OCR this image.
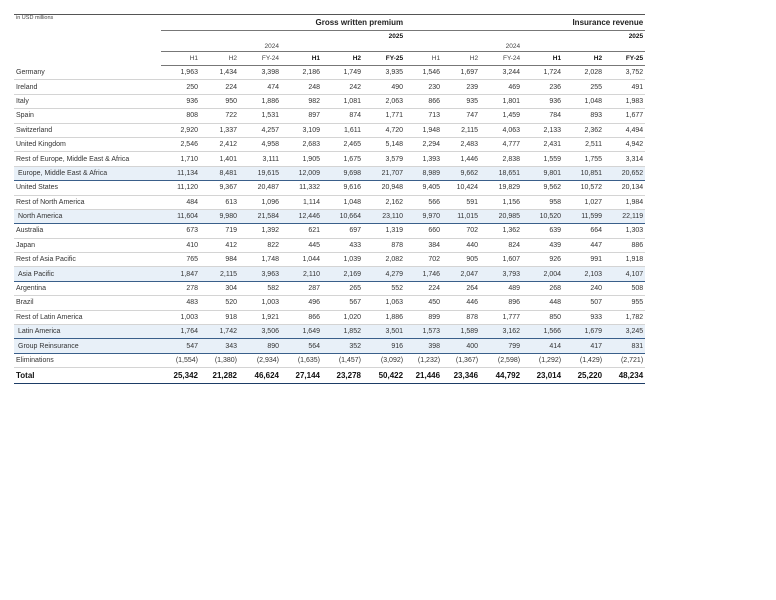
in USD millions	Gross written premium						Insurance revenue					
						2025						2025
			2024						2024			
	H1	H2	FY-24	H1	H2	FY-25	H1	H2	FY-24	H1	H2	FY-25
Germany	1,963	1,434	3,398	2,186	1,749	3,935	1,546	1,697	3,244	1,724	2,028	3,752
Ireland	250	224	474	248	242	490	230	239	469	236	255	491
Italy	936	950	1,886	982	1,081	2,063	866	935	1,801	936	1,048	1,983
Spain	808	722	1,531	897	874	1,771	713	747	1,459	784	893	1,677
Switzerland	2,920	1,337	4,257	3,109	1,611	4,720	1,948	2,115	4,063	2,133	2,362	4,494
United Kingdom	2,546	2,412	4,958	2,683	2,465	5,148	2,294	2,483	4,777	2,431	2,511	4,942
Rest of Europe, Middle East & Africa	1,710	1,401	3,111	1,905	1,675	3,579	1,393	1,446	2,838	1,559	1,755	3,314
Europe, Middle East & Africa	11,134	8,481	19,615	12,009	9,698	21,707	8,989	9,662	18,651	9,801	10,851	20,652
United States	11,120	9,367	20,487	11,332	9,616	20,948	9,405	10,424	19,829	9,562	10,572	20,134
Rest of North America	484	613	1,096	1,114	1,048	2,162	566	591	1,156	958	1,027	1,984
North America	11,604	9,980	21,584	12,446	10,664	23,110	9,970	11,015	20,985	10,520	11,599	22,119
Australia	673	719	1,392	621	697	1,319	660	702	1,362	639	664	1,303
Japan	410	412	822	445	433	878	384	440	824	439	447	886
Rest of Asia Pacific	765	984	1,748	1,044	1,039	2,082	702	905	1,607	926	991	1,918
Asia Pacific	1,847	2,115	3,963	2,110	2,169	4,279	1,746	2,047	3,793	2,004	2,103	4,107
Argentina	278	304	582	287	265	552	224	264	489	268	240	508
Brazil	483	520	1,003	496	567	1,063	450	446	896	448	507	955
Rest of Latin America	1,003	918	1,921	866	1,020	1,886	899	878	1,777	850	933	1,782
Latin America	1,764	1,742	3,506	1,649	1,852	3,501	1,573	1,589	3,162	1,566	1,679	3,245
Group Reinsurance	547	343	890	564	352	916	398	400	799	414	417	831
Eliminations	(1,554)	(1,380)	(2,934)	(1,635)	(1,457)	(3,092)	(1,232)	(1,367)	(2,598)	(1,292)	(1,429)	(2,721)
Total	25,342	21,282	46,624	27,144	23,278	50,422	21,446	23,346	44,792	23,014	25,220	48,234
